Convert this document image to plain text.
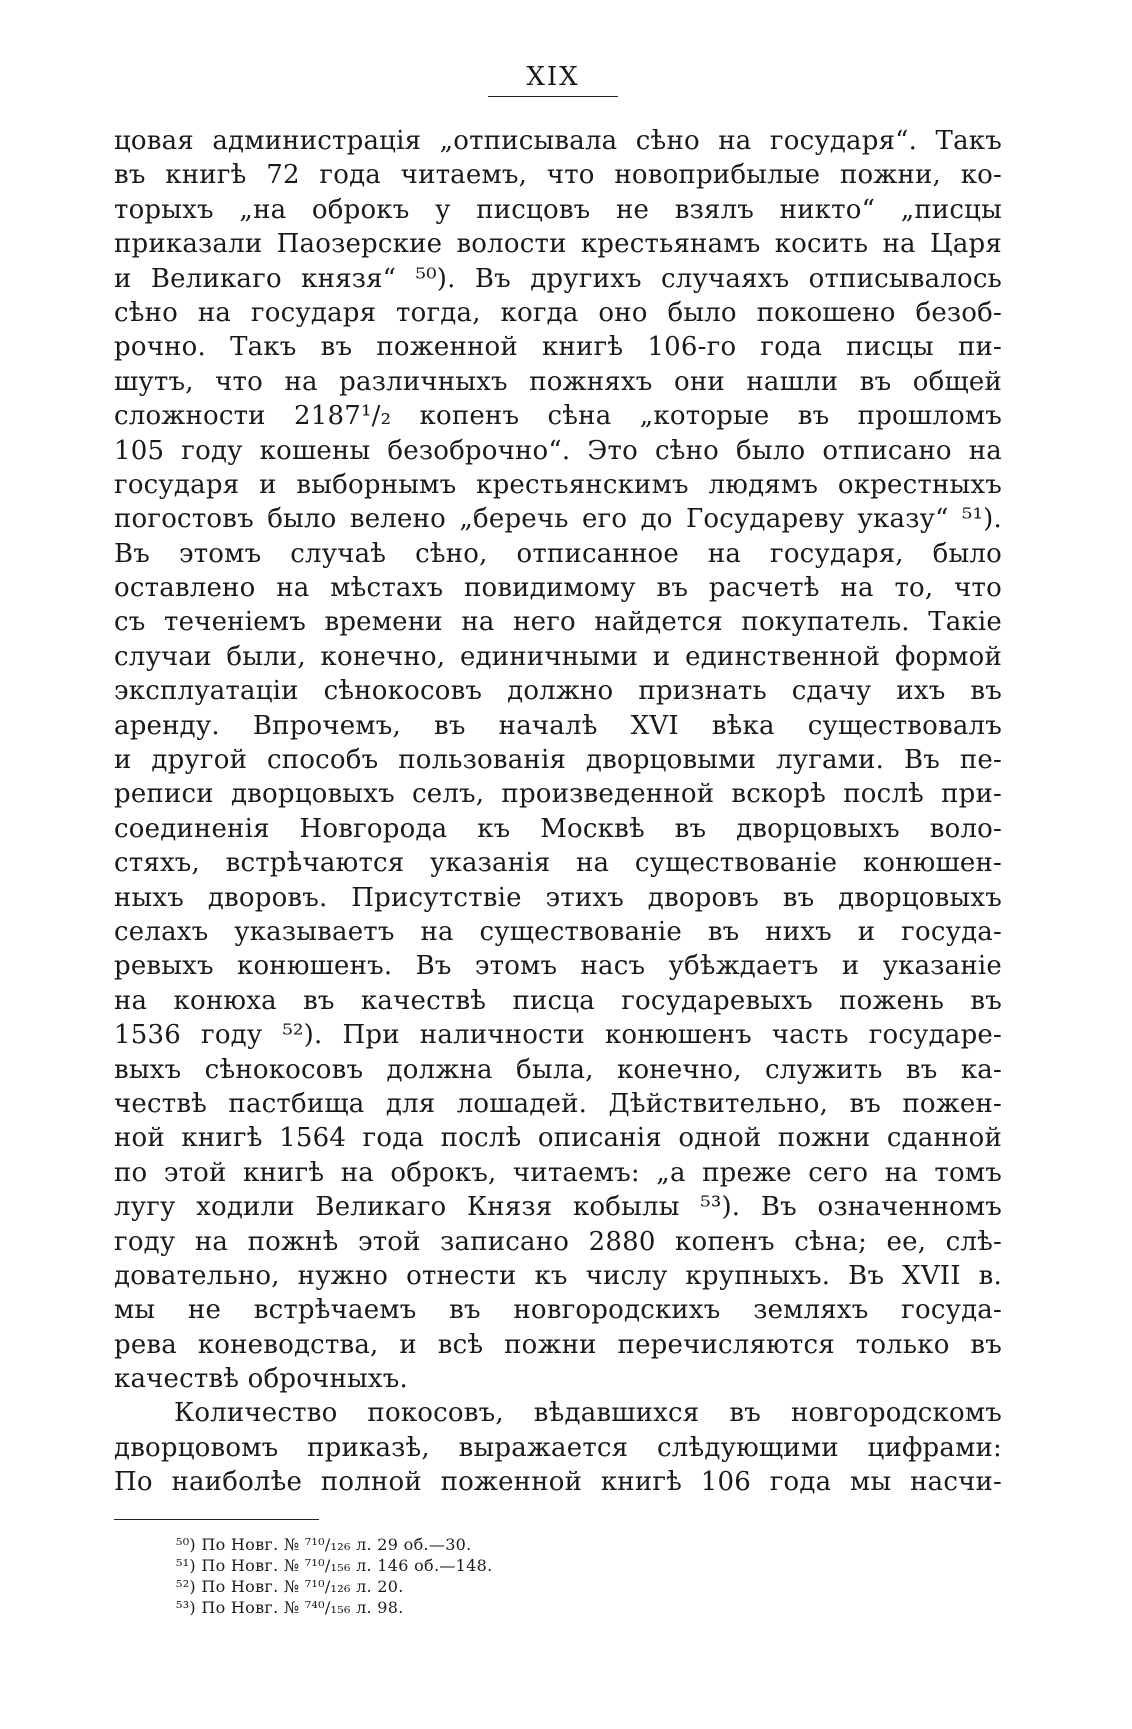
XIX
цовая администрація „отписывала сѣно на государя“. Такъ
въ книгѣ 72 года читаемъ, что новоприбылые пожни, ко-
торыхъ „на оброкъ у писцовъ не взялъ никто“ „писцы
приказали Паозерские волости крестьянамъ косить на Царя
и Великаго князя“ ⁵⁰). Въ другихъ случаяхъ отписывалось
сѣно на государя тогда, когда оно было покошено безоб-
рочно. Такъ въ поженной книгѣ 106-го года писцы пи-
шутъ, что на различныхъ пожняхъ они нашли въ общей
сложности 2187¹/₂ копенъ сѣна „которые въ прошломъ
105 году кошены безоброчно“. Это сѣно было отписано на
государя и выборнымъ крестьянскимъ людямъ окрестныхъ
погостовъ было велено „беречь его до Государеву указу“ ⁵¹).
Въ этомъ случаѣ сѣно, отписанное на государя, было
оставлено на мѣстахъ повидимому въ расчетѣ на то, что
съ теченіемъ времени на него найдется покупатель. Такіе
случаи были, конечно, единичными и единственной формой
эксплуатаціи сѣнокосовъ должно признать сдачу ихъ въ
аренду. Впрочемъ, въ началѣ XVI вѣка существовалъ
и другой способъ пользованія дворцовыми лугами. Въ пе-
реписи дворцовыхъ селъ, произведенной вскорѣ послѣ при-
соединенія Новгорода къ Москвѣ въ дворцовыхъ воло-
стяхъ, встрѣчаются указанія на существованіе конюшен-
ныхъ дворовъ. Присутствіе этихъ дворовъ въ дворцовыхъ
селахъ указываетъ на существованіе въ нихъ и госуда-
ревыхъ конюшенъ. Въ этомъ насъ убѣждаетъ и указаніе
на конюха въ качествѣ писца государевыхъ пожень въ
1536 году ⁵²). При наличности конюшенъ часть государе-
выхъ сѣнокосовъ должна была, конечно, служить въ ка-
чествѣ пастбища для лошадей. Дѣйствительно, въ пожен-
ной книгѣ 1564 года послѣ описанія одной пожни сданной
по этой книгѣ на оброкъ, читаемъ: „а преже сего на томъ
лугу ходили Великаго Князя кобылы ⁵³). Въ означенномъ
году на пожнѣ этой записано 2880 копенъ сѣна; ее, слѣ-
довательно, нужно отнести къ числу крупныхъ. Въ XVII в.
мы не встрѣчаемъ въ новгородскихъ земляхъ госуда-
рева коневодства, и всѣ пожни перечисляются только въ
качествѣ оброчныхъ.
Количество покосовъ, вѣдавшихся въ новгородскомъ
дворцовомъ приказѣ, выражается слѣдующими цифрами:
По наиболѣе полной поженной книгѣ 106 года мы насчи-
⁵⁰) По Новг. № ⁷¹⁰/₁₂₆ л. 29 об.—30.
⁵¹) По Новг. № ⁷¹⁰/₁₅₆ л. 146 об.—148.
⁵²) По Новг. № ⁷¹⁰/₁₂₆ л. 20.
⁵³) По Новг. № ⁷⁴⁰/₁₅₆ л. 98.
